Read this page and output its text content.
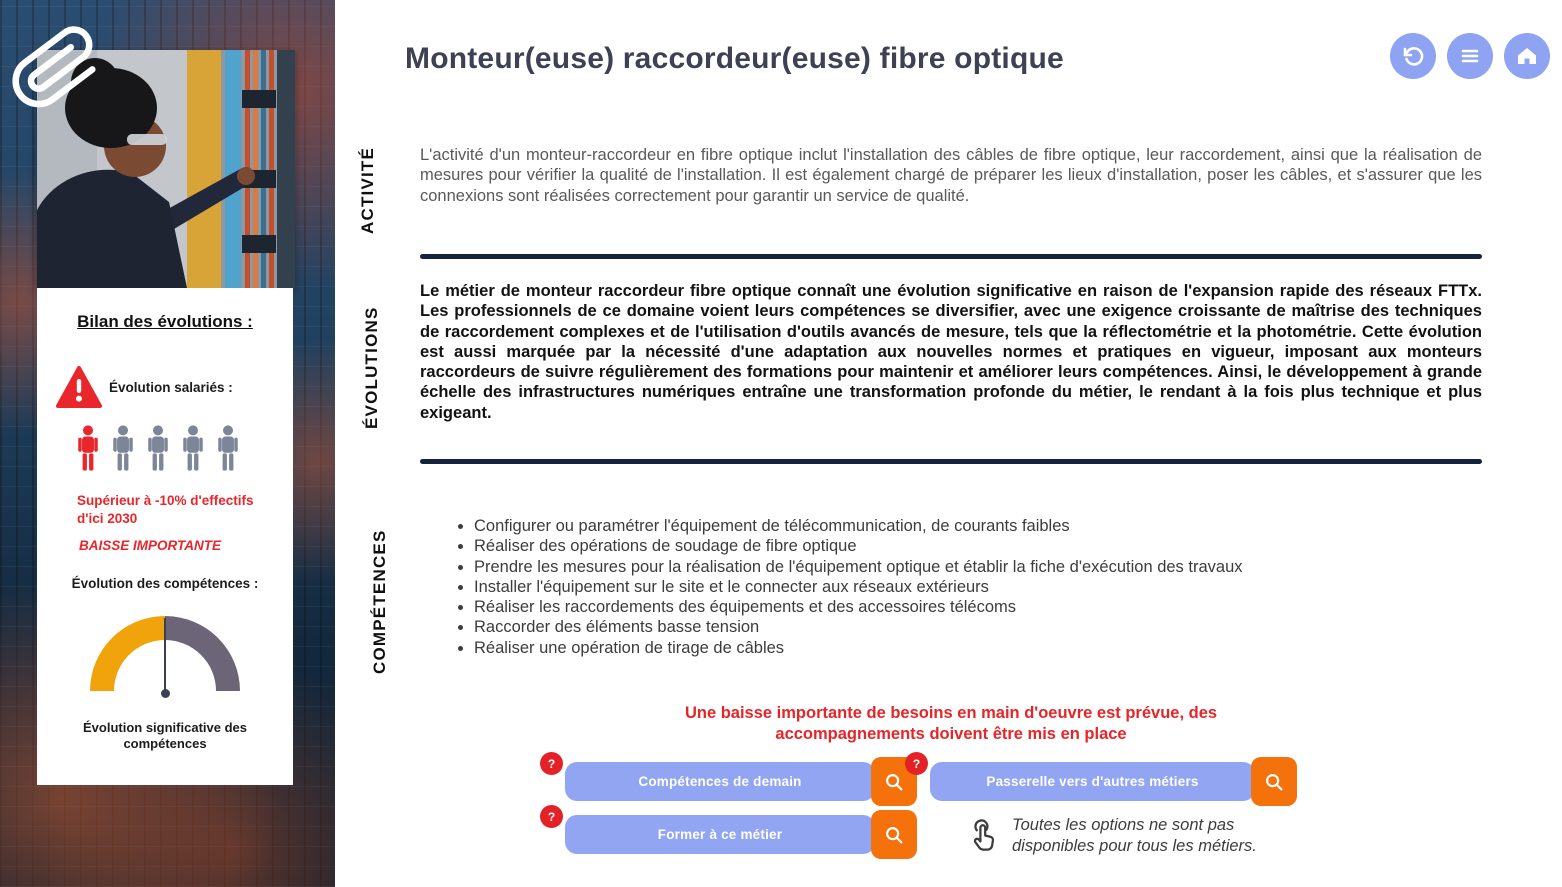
Bilan des évolutions :
Évolution salariés :
Supérieur à -10% d'effectifs d'ici 2030
BAISSE IMPORTANTE
Évolution des compétences :
Évolution significative des compétences
Monteur(euse) raccordeur(euse) fibre optique
ACTIVITÉ	L'activité d'un monteur-raccordeur en fibre optique inclut l'installation des câbles de fibre optique, leur raccordement, ainsi que la réalisation de mesures pour vérifier la qualité de l'installation. Il est également chargé de préparer les lieux d'installation, poser les câbles, et s'assurer que les connexions sont réalisées correctement pour garantir un service de qualité.

ÉVOLUTIONS

Le métier de monteur raccordeur fibre optique connaît une évolution significative en raison de l'expansion rapide des réseaux FTTx. Les professionnels de ce domaine voient leurs compétences se diversifier, avec une exigence croissante de maîtrise des techniques de raccordement complexes et de l'utilisation d'outils avancés de mesure, tels que la réflectométrie et la photométrie. Cette évolution est aussi marquée par la nécessité d'une adaptation aux nouvelles normes et pratiques en vigueur, imposant aux monteurs raccordeurs de suivre régulièrement des formations pour maintenir et améliorer leurs compétences. Ainsi, le développement à grande échelle des infrastructures numériques entraîne une transformation profonde du métier, le rendant à la fois plus technique et plus exigeant.

COMPÉTENCES
• Configurer ou paramétrer l'équipement de télécommunication, de courants faibles
• Réaliser des opérations de soudage de fibre optique
• Prendre les mesures pour la réalisation de l'équipement optique et établir la fiche d'exécution des travaux
• Installer l'équipement sur le site et le connecter aux réseaux extérieurs
• Réaliser les raccordements des équipements et des accessoires télécoms
• Raccorder des éléments basse tension
• Réaliser une opération de tirage de câbles
Une baisse importante de besoins en main d'oeuvre est prévue, des accompagnements doivent être mis en place
?
Compétences de demain
?
Passerelle vers d'autres métiers
?
Former à ce métier
Toutes les options ne sont pas disponibles pour tous les métiers.
